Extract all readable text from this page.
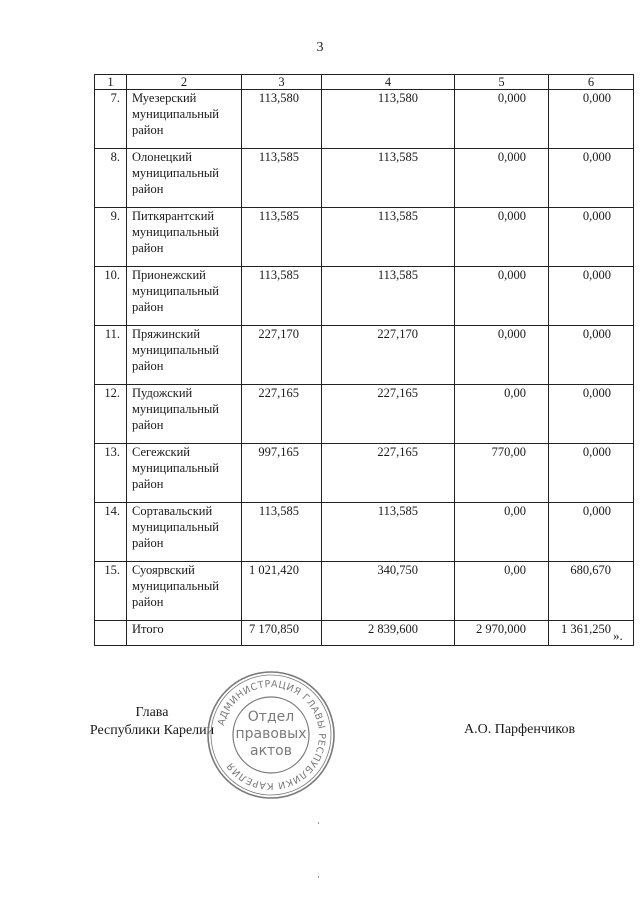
3
1	2	3	4	5	6
7.	Муезерский муниципальный район	113,580	113,580	0,000	0,000
8.	Олонецкий муниципальный район	113,585	113,585	0,000	0,000
9.	Питкярантский муниципальный район	113,585	113,585	0,000	0,000
10.	Прионежский муниципальный район	113,585	113,585	0,000	0,000
11.	Пряжинский муниципальный район	227,170	227,170	0,000	0,000
12.	Пудожский муниципальный район	227,165	227,165	0,00	0,000
13.	Сегежский муниципальный район	997,165	227,165	770,00	0,000
14.	Сортавальский муниципальный район	113,585	113,585	0,00	0,000
15.	Суоярвский муниципальный район	1 021,420	340,750	0,00	680,670
	Итого	7 170,850	2 839,600	2 970,000	1 361,250 ».
Глава
Республики Карелии
АДМИНИСТРАЦИЯ ГЛАВЫ РЕСПУБЛИКИ КАРЕЛИЯ
Отдел
правовых
актов
А.О. Парфенчиков
